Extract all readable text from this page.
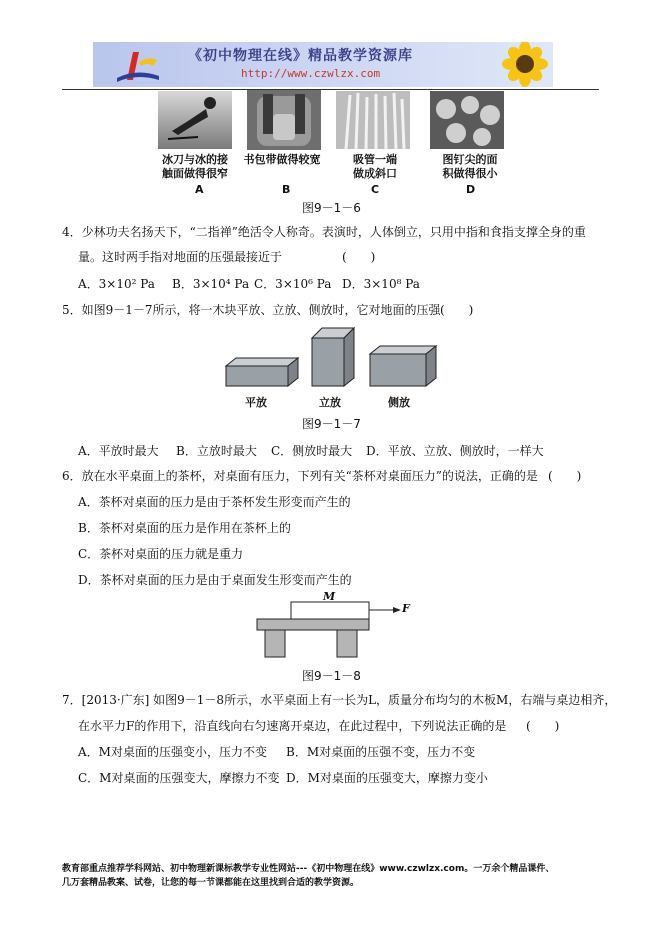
《初中物理在线》精品教学资源库
http://www.czwlzx.com
冰刀与冰的接
触面做得很窄
书包带做得较宽	吸管一端
做成斜口
图钉尖的面
积做得很小
A	B	C	D
图9－1－6
4．少林功夫名扬天下，“二指禅”绝活令人称奇。表演时，人体倒立，只用中指和食指支撑全身的重
量。这时两手指对地面的压强最接近于	(　　)
A．3×10² Pa B．3×10⁴ Pa C．3×10⁶ Pa D．3×10⁸ Pa
5．如图9－1－7所示，将一木块平放、立放、侧放时，它对地面的压强 (　　)
平放	立放	侧放
图9－1－7
A．平放时最大 B．立放时最大 C．侧放时最大 D．平放、立放、侧放时，一样大
6．放在水平桌面上的茶杯，对桌面有压力，下列有关“茶杯对桌面压力”的说法，正确的是 (　　)
A．茶杯对桌面的压力是由于茶杯发生形变而产生的
B．茶杯对桌面的压力是作用在茶杯上的
C．茶杯对桌面的压力就是重力
D．茶杯对桌面的压力是由于桌面发生形变而产生的
M
F
图9－1－8
7．[2013·广东] 如图9－1－8所示，水平桌面上有一长为L，质量分布均匀的木板M，右端与桌边相齐，
在水平力F的作用下，沿直线向右匀速离开桌边，在此过程中，下列说法正确的是 (　　)
A．M对桌面的压强变小，压力不变 B．M对桌面的压强不变，压力不变
C．M对桌面的压强变大，摩擦力不变 D．M对桌面的压强变大，摩擦力变小
教育部重点推荐学科网站、初中物理新课标教学专业性网站---《初中物理在线》www.czwlzx.com。一万余个精品课件、
几万套精品教案、试卷，让您的每一节课都能在这里找到合适的教学资源。
